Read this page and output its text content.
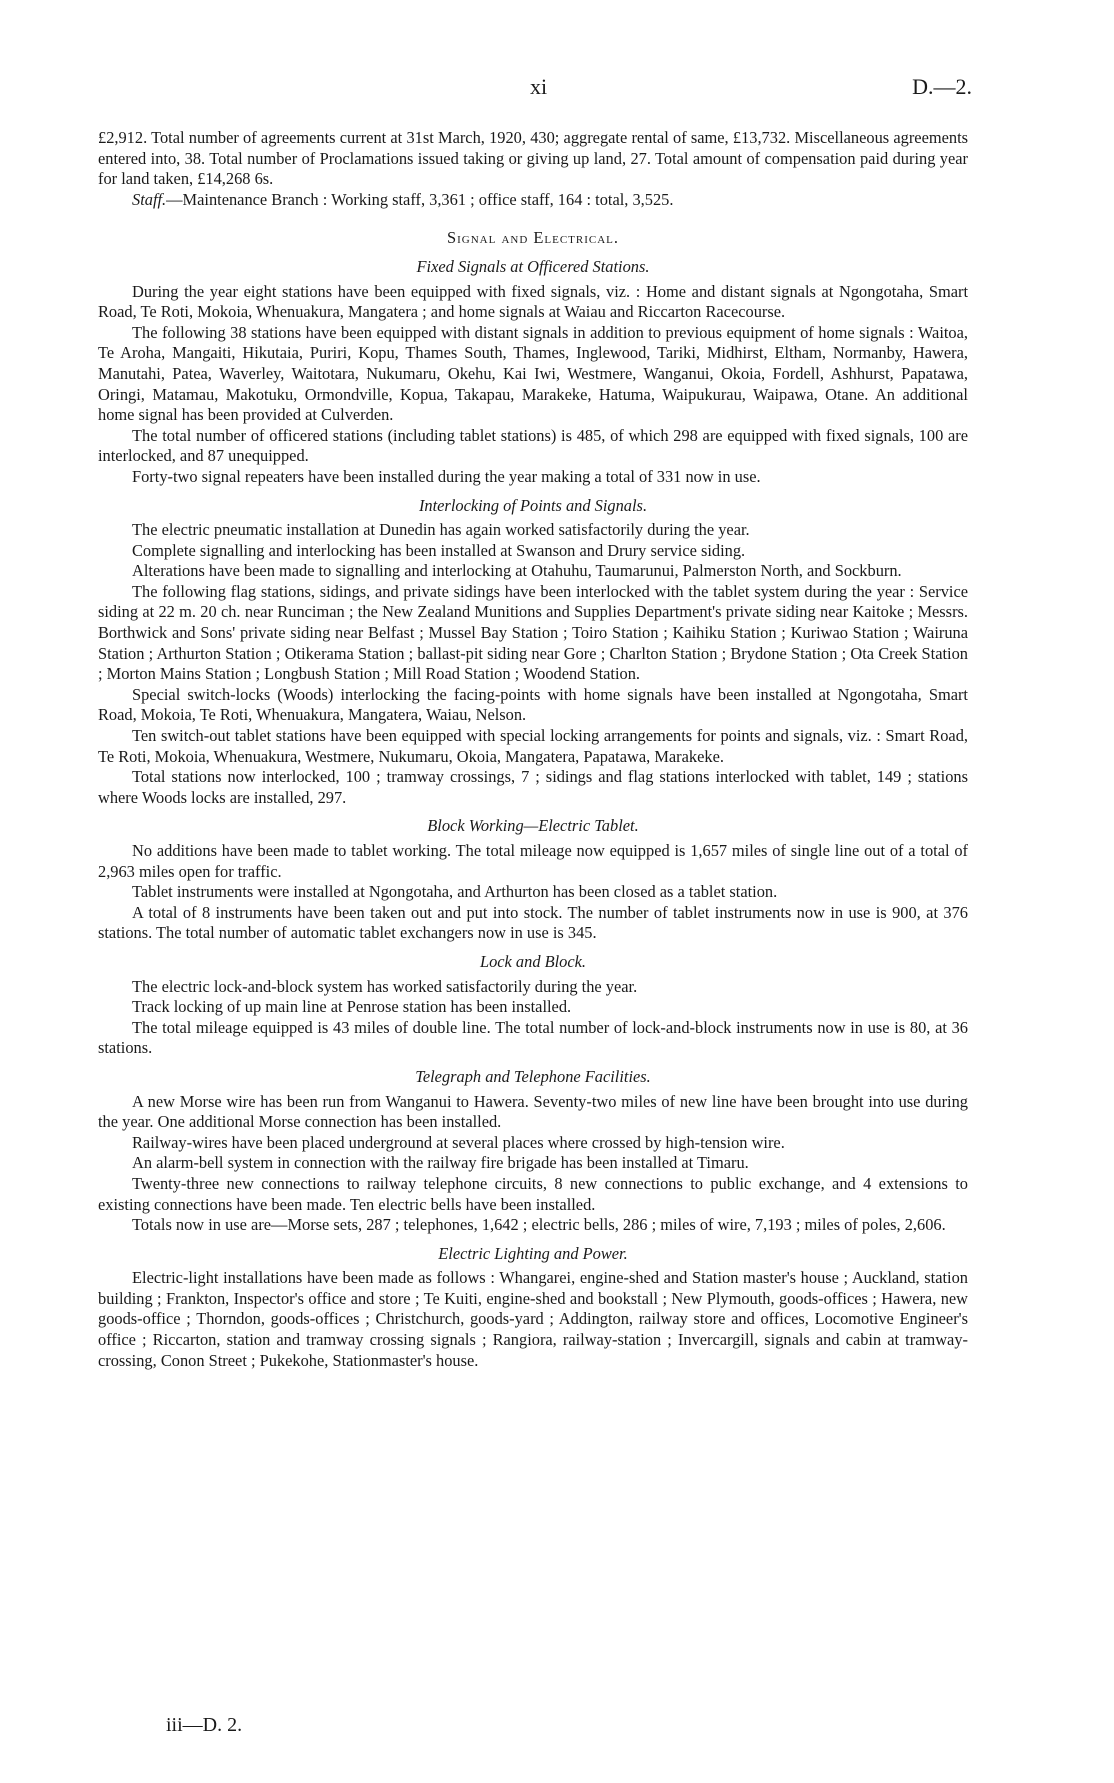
xi	D.—2.

£2,912. Total number of agreements current at 31st March, 1920, 430; aggregate rental of same, £13,732. Miscellaneous agreements entered into, 38. Total number of Proclamations issued taking or giving up land, 27. Total amount of compensation paid during year for land taken, £14,268 6s.

Staff.—Maintenance Branch : Working staff, 3,361 ; office staff, 164 : total, 3,525.

Signal and Electrical.
Fixed Signals at Officered Stations.

During the year eight stations have been equipped with fixed signals, viz. : Home and distant signals at Ngongotaha, Smart Road, Te Roti, Mokoia, Whenuakura, Mangatera ; and home signals at Waiau and Riccarton Racecourse.

The following 38 stations have been equipped with distant signals in addition to previous equipment of home signals : Waitoa, Te Aroha, Mangaiti, Hikutaia, Puriri, Kopu, Thames South, Thames, Inglewood, Tariki, Midhirst, Eltham, Normanby, Hawera, Manutahi, Patea, Waverley, Waitotara, Nukumaru, Okehu, Kai Iwi, Westmere, Wanganui, Okoia, Fordell, Ashhurst, Papatawa, Oringi, Matamau, Makotuku, Ormondville, Kopua, Takapau, Marakeke, Hatuma, Waipukurau, Waipawa, Otane. An additional home signal has been provided at Culverden.

The total number of officered stations (including tablet stations) is 485, of which 298 are equipped with fixed signals, 100 are interlocked, and 87 unequipped.

Forty-two signal repeaters have been installed during the year making a total of 331 now in use.

Interlocking of Points and Signals.

The electric pneumatic installation at Dunedin has again worked satisfactorily during the year.

Complete signalling and interlocking has been installed at Swanson and Drury service siding.

Alterations have been made to signalling and interlocking at Otahuhu, Taumarunui, Palmerston North, and Sockburn.

The following flag stations, sidings, and private sidings have been interlocked with the tablet system during the year : Service siding at 22 m. 20 ch. near Runciman ; the New Zealand Munitions and Supplies Department's private siding near Kaitoke ; Messrs. Borthwick and Sons' private siding near Belfast ; Mussel Bay Station ; Toiro Station ; Kaihiku Station ; Kuriwao Station ; Wairuna Station ; Arthurton Station ; Otikerama Station ; ballast-pit siding near Gore ; Charlton Station ; Brydone Station ; Ota Creek Station ; Morton Mains Station ; Longbush Station ; Mill Road Station ; Woodend Station.

Special switch-locks (Woods) interlocking the facing-points with home signals have been installed at Ngongotaha, Smart Road, Mokoia, Te Roti, Whenuakura, Mangatera, Waiau, Nelson.

Ten switch-out tablet stations have been equipped with special locking arrangements for points and signals, viz. : Smart Road, Te Roti, Mokoia, Whenuakura, Westmere, Nukumaru, Okoia, Mangatera, Papatawa, Marakeke.

Total stations now interlocked, 100 ; tramway crossings, 7 ; sidings and flag stations interlocked with tablet, 149 ; stations where Woods locks are installed, 297.

Block Working—Electric Tablet.

No additions have been made to tablet working. The total mileage now equipped is 1,657 miles of single line out of a total of 2,963 miles open for traffic.

Tablet instruments were installed at Ngongotaha, and Arthurton has been closed as a tablet station.

A total of 8 instruments have been taken out and put into stock. The number of tablet instruments now in use is 900, at 376 stations. The total number of automatic tablet exchangers now in use is 345.

Lock and Block.

The electric lock-and-block system has worked satisfactorily during the year.

Track locking of up main line at Penrose station has been installed.

The total mileage equipped is 43 miles of double line. The total number of lock-and-block instruments now in use is 80, at 36 stations.

Telegraph and Telephone Facilities.

A new Morse wire has been run from Wanganui to Hawera. Seventy-two miles of new line have been brought into use during the year. One additional Morse connection has been installed.

Railway-wires have been placed underground at several places where crossed by high-tension wire.

An alarm-bell system in connection with the railway fire brigade has been installed at Timaru.

Twenty-three new connections to railway telephone circuits, 8 new connections to public exchange, and 4 extensions to existing connections have been made. Ten electric bells have been installed.

Totals now in use are—Morse sets, 287 ; telephones, 1,642 ; electric bells, 286 ; miles of wire, 7,193 ; miles of poles, 2,606.

Electric Lighting and Power.

Electric-light installations have been made as follows : Whangarei, engine-shed and Station master's house ; Auckland, station building ; Frankton, Inspector's office and store ; Te Kuiti, engine-shed and bookstall ; New Plymouth, goods-offices ; Hawera, new goods-office ; Thorndon, goods-offices ; Christchurch, goods-yard ; Addington, railway store and offices, Locomotive Engineer's office ; Riccarton, station and tramway crossing signals ; Rangiora, railway-station ; Invercargill, signals and cabin at tramway-crossing, Conon Street ; Pukekohe, Stationmaster's house.

iii—D. 2.
